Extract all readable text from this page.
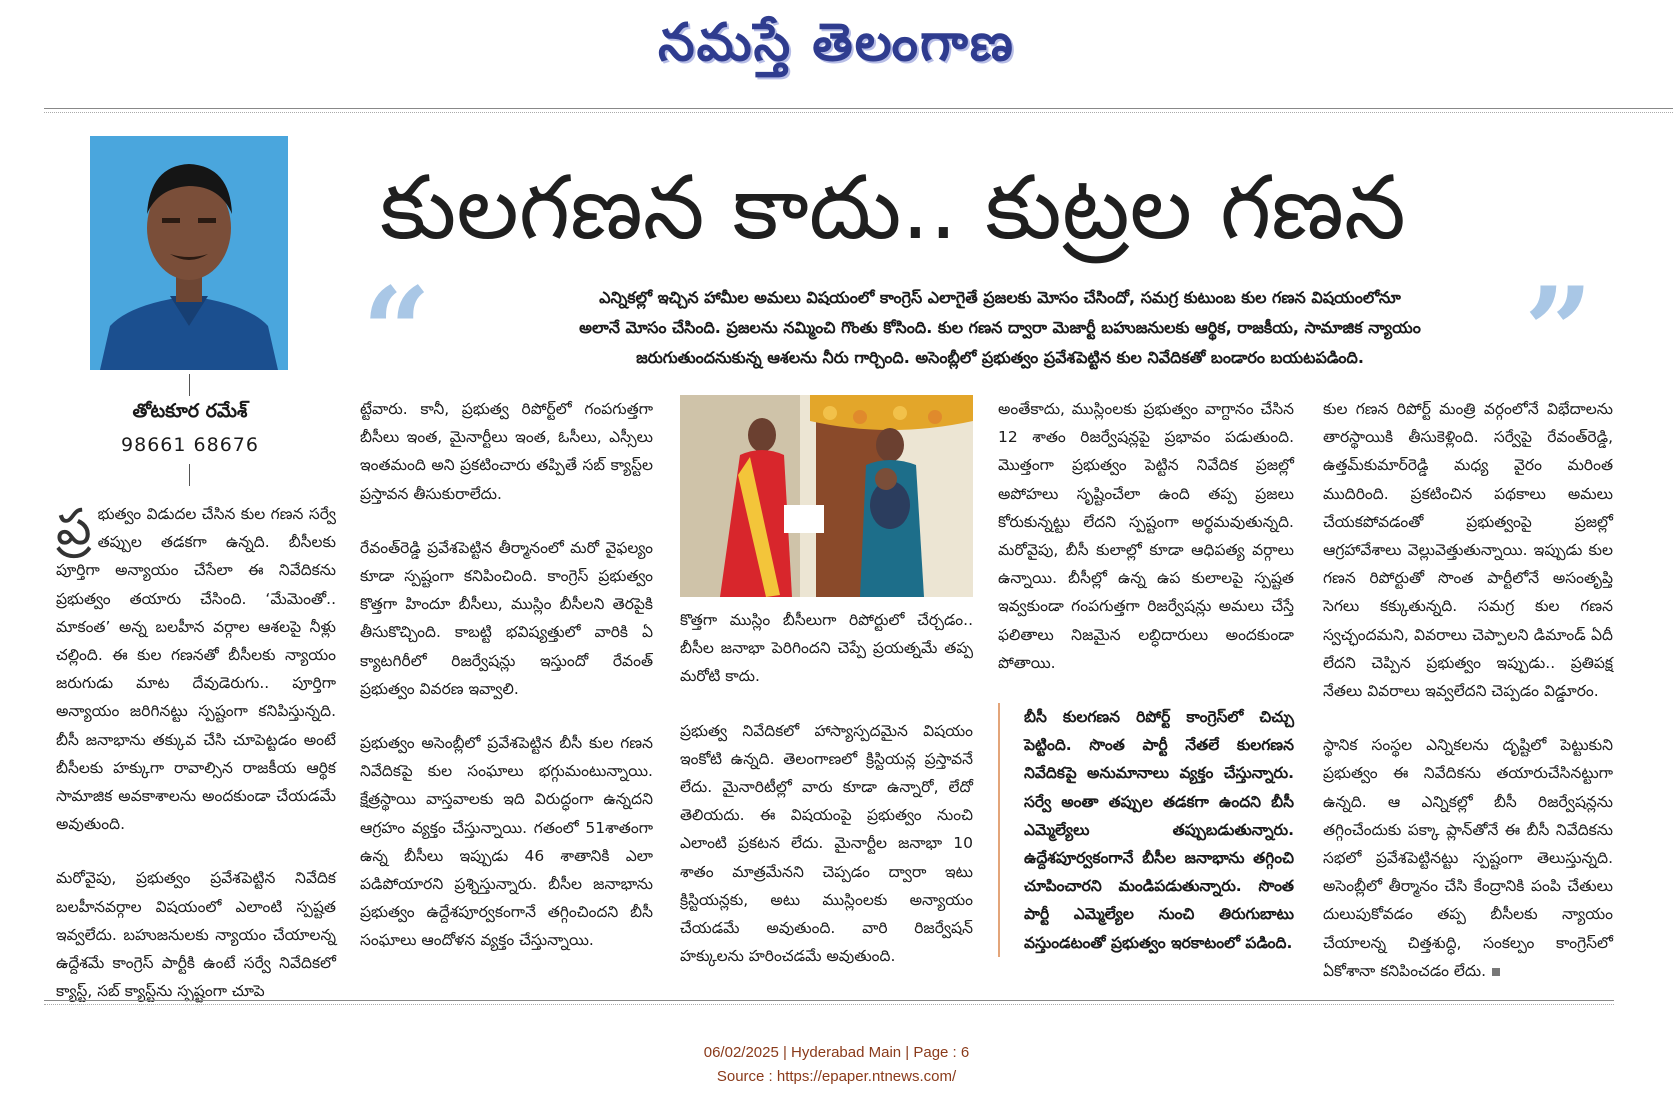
నమస్తే తెలంగాణ
తోటకూర రమేశ్
98661 68676
కులగణన కాదు.. కుట్రల గణన
“	”
ఎన్నికల్లో ఇచ్చిన హామీల అమలు విషయంలో కాంగ్రెస్ ఎలాగైతే ప్రజలకు మోసం చేసిందో, సమగ్ర కుటుంబ కుల గణన విషయంలోనూ
అలానే మోసం చేసింది. ప్రజలను నమ్మించి గొంతు కోసింది. కుల గణన ద్వారా మెజార్టీ బహుజనులకు ఆర్థిక, రాజకీయ, సామాజిక న్యాయం
జరుగుతుందనుకున్న ఆశలను నీరు గార్చింది. అసెంబ్లీలో ప్రభుత్వం ప్రవేశపెట్టిన కుల నివేదికతో బండారం బయటపడింది.

ప్ర భుత్వం విడుదల చేసిన కుల గణన సర్వే తప్పుల తడకగా ఉన్నది. బీసీలకు పూర్తిగా అన్యాయం చేసేలా ఈ నివేదికను ప్రభుత్వం తయారు చేసింది. ‘మేమెంతో.. మాకంత’ అన్న బలహీన వర్గాల ఆశలపై నీళ్లు చల్లింది. ఈ కుల గణనతో బీసీలకు న్యాయం జరుగుడు మాట దేవుడెరుగు.. పూర్తిగా అన్యాయం జరిగినట్టు స్పష్టంగా కనిపిస్తున్నది. బీసీ జనాభాను తక్కువ చేసి చూపెట్టడం అంటే బీసీలకు హక్కుగా రావాల్సిన రాజకీయ ఆర్థిక సామాజిక అవకాశాలను అందకుండా చేయడమే అవుతుంది.

మరోవైపు, ప్రభుత్వం ప్రవేశపెట్టిన నివేదిక బలహీనవర్గాల విషయంలో ఎలాంటి స్పష్టత ఇవ్వలేదు. బహుజనులకు న్యాయం చేయాలన్న ఉద్దేశమే కాంగ్రెస్ పార్టీకి ఉంటే సర్వే నివేదికలో క్యాస్ట్, సబ్ క్యాస్ట్‌ను స్పష్టంగా చూపె

ట్టేవారు. కానీ, ప్రభుత్వ రిపోర్ట్‌లో గంపగుత్తగా బీసీలు ఇంత, మైనార్టీలు ఇంత, ఓసీలు, ఎస్సీలు ఇంతమంది అని ప్రకటించారు తప్పితే సబ్ క్యాస్ట్‌ల ప్రస్తావన తీసుకురాలేదు.

రేవంత్‌రెడ్డి ప్రవేశపెట్టిన తీర్మానంలో మరో వైఫల్యం కూడా స్పష్టంగా కనిపించింది. కాంగ్రెస్ ప్రభుత్వం కొత్తగా హిందూ బీసీలు, ముస్లిం బీసీలని తెరపైకి తీసుకొచ్చింది. కాబట్టి భవిష్యత్తులో వారికి ఏ క్యాటగిరీలో రిజర్వేషన్లు ఇస్తుందో రేవంత్ ప్రభుత్వం వివరణ ఇవ్వాలి.

ప్రభుత్వం అసెంబ్లీలో ప్రవేశపెట్టిన బీసీ కుల గణన నివేదికపై కుల సంఘాలు భగ్గుమంటున్నాయి. క్షేత్రస్థాయి వాస్తవాలకు ఇది విరుద్ధంగా ఉన్నదని ఆగ్రహం వ్యక్తం చేస్తున్నాయి. గతంలో 51శాతంగా ఉన్న బీసీలు ఇప్పుడు 46 శాతానికి ఎలా పడిపోయారని ప్రశ్నిస్తున్నారు. బీసీల జనాభాను ప్రభుత్వం ఉద్దేశపూర్వకంగానే తగ్గించిందని బీసీ సంఘాలు ఆందోళన వ్యక్తం చేస్తున్నాయి.

కొత్తగా ముస్లిం బీసీలుగా రిపోర్టులో చేర్చడం.. బీసీల జనాభా పెరిగిందని చెప్పే ప్రయత్నమే తప్ప మరోటి కాదు.

ప్రభుత్వ నివేదికలో హాస్యాస్పదమైన విషయం ఇంకోటి ఉన్నది. తెలంగాణలో క్రిస్టియన్ల ప్రస్తావనే లేదు. మైనారిటీల్లో వారు కూడా ఉన్నారో, లేదో తెలియదు. ఈ విషయంపై ప్రభుత్వం నుంచి ఎలాంటి ప్రకటన లేదు. మైనార్టీల జనాభా 10 శాతం మాత్రమేనని చెప్పడం ద్వారా ఇటు క్రిస్టియన్లకు, అటు ముస్లింలకు అన్యాయం చేయడమే అవుతుంది. వారి రిజర్వేషన్ హక్కులను హరించడమే అవుతుంది.

అంతేకాదు, ముస్లింలకు ప్రభుత్వం వాగ్దానం చేసిన 12 శాతం రిజర్వేషన్లపై ప్రభావం పడుతుంది. మొత్తంగా ప్రభుత్వం పెట్టిన నివేదిక ప్రజల్లో అపోహలు సృష్టించేలా ఉంది తప్ప ప్రజలు కోరుకున్నట్టు లేదని స్పష్టంగా అర్థమవుతున్నది. మరోవైపు, బీసీ కులాల్లో కూడా ఆధిపత్య వర్గాలు ఉన్నాయి. బీసీల్లో ఉన్న ఉప కులాలపై స్పష్టత ఇవ్వకుండా గంపగుత్తగా రిజర్వేషన్లు అమలు చేస్తే ఫలితాలు నిజమైన లబ్ధిదారులు అందకుండా పోతాయి.

బీసీ కులగణన రిపోర్ట్ కాంగ్రెస్‌లో చిచ్చు పెట్టింది. సొంత పార్టీ నేతలే కులగణన నివేదికపై అనుమానాలు వ్యక్తం చేస్తున్నారు. సర్వే అంతా తప్పుల తడకగా ఉందని బీసీ ఎమ్మెల్యేలు తప్పుబడుతున్నారు. ఉద్దేశపూర్వకంగానే బీసీల జనాభాను తగ్గించి చూపించారని మండిపడుతున్నారు. సొంత పార్టీ ఎమ్మెల్యేల నుంచి తిరుగుబాటు వస్తుండటంతో ప్రభుత్వం ఇరకాటంలో పడింది.

కుల గణన రిపోర్ట్ మంత్రి వర్గంలోనే విభేదాలను తారస్థాయికి తీసుకెళ్లింది. సర్వేపై రేవంత్‌రెడ్డి, ఉత్తమ్‌కుమార్‌రెడ్డి మధ్య వైరం మరింత ముదిరింది. ప్రకటించిన పథకాలు అమలు చేయకపోవడంతో ప్రభుత్వంపై ప్రజల్లో ఆగ్రహావేశాలు వెల్లువెత్తుతున్నాయి. ఇప్పుడు కుల గణన రిపోర్టుతో సొంత పార్టీలోనే అసంతృప్తి సెగలు కక్కుతున్నది. సమగ్ర కుల గణన స్వచ్ఛందమని, వివరాలు చెప్పాలని డిమాండ్ ఏదీ లేదని చెప్పిన ప్రభుత్వం ఇప్పుడు.. ప్రతిపక్ష నేతలు వివరాలు ఇవ్వలేదని చెప్పడం విడ్డూరం.

స్థానిక సంస్థల ఎన్నికలను దృష్టిలో పెట్టుకుని ప్రభుత్వం ఈ నివేదికను తయారుచేసినట్టుగా ఉన్నది. ఆ ఎన్నికల్లో బీసీ రిజర్వేషన్లను తగ్గించేందుకు పక్కా ప్లాన్‌తోనే ఈ బీసీ నివేదికను సభలో ప్రవేశపెట్టినట్టు స్పష్టంగా తెలుస్తున్నది. అసెంబ్లీలో తీర్మానం చేసి కేంద్రానికి పంపి చేతులు దులుపుకోవడం తప్ప బీసీలకు న్యాయం చేయాలన్న చిత్తశుద్ధి, సంకల్పం కాంగ్రెస్‌లో ఏకోశానా కనిపించడం లేదు.

06/02/2025 | Hyderabad Main | Page : 6
Source : https://epaper.ntnews.com/
